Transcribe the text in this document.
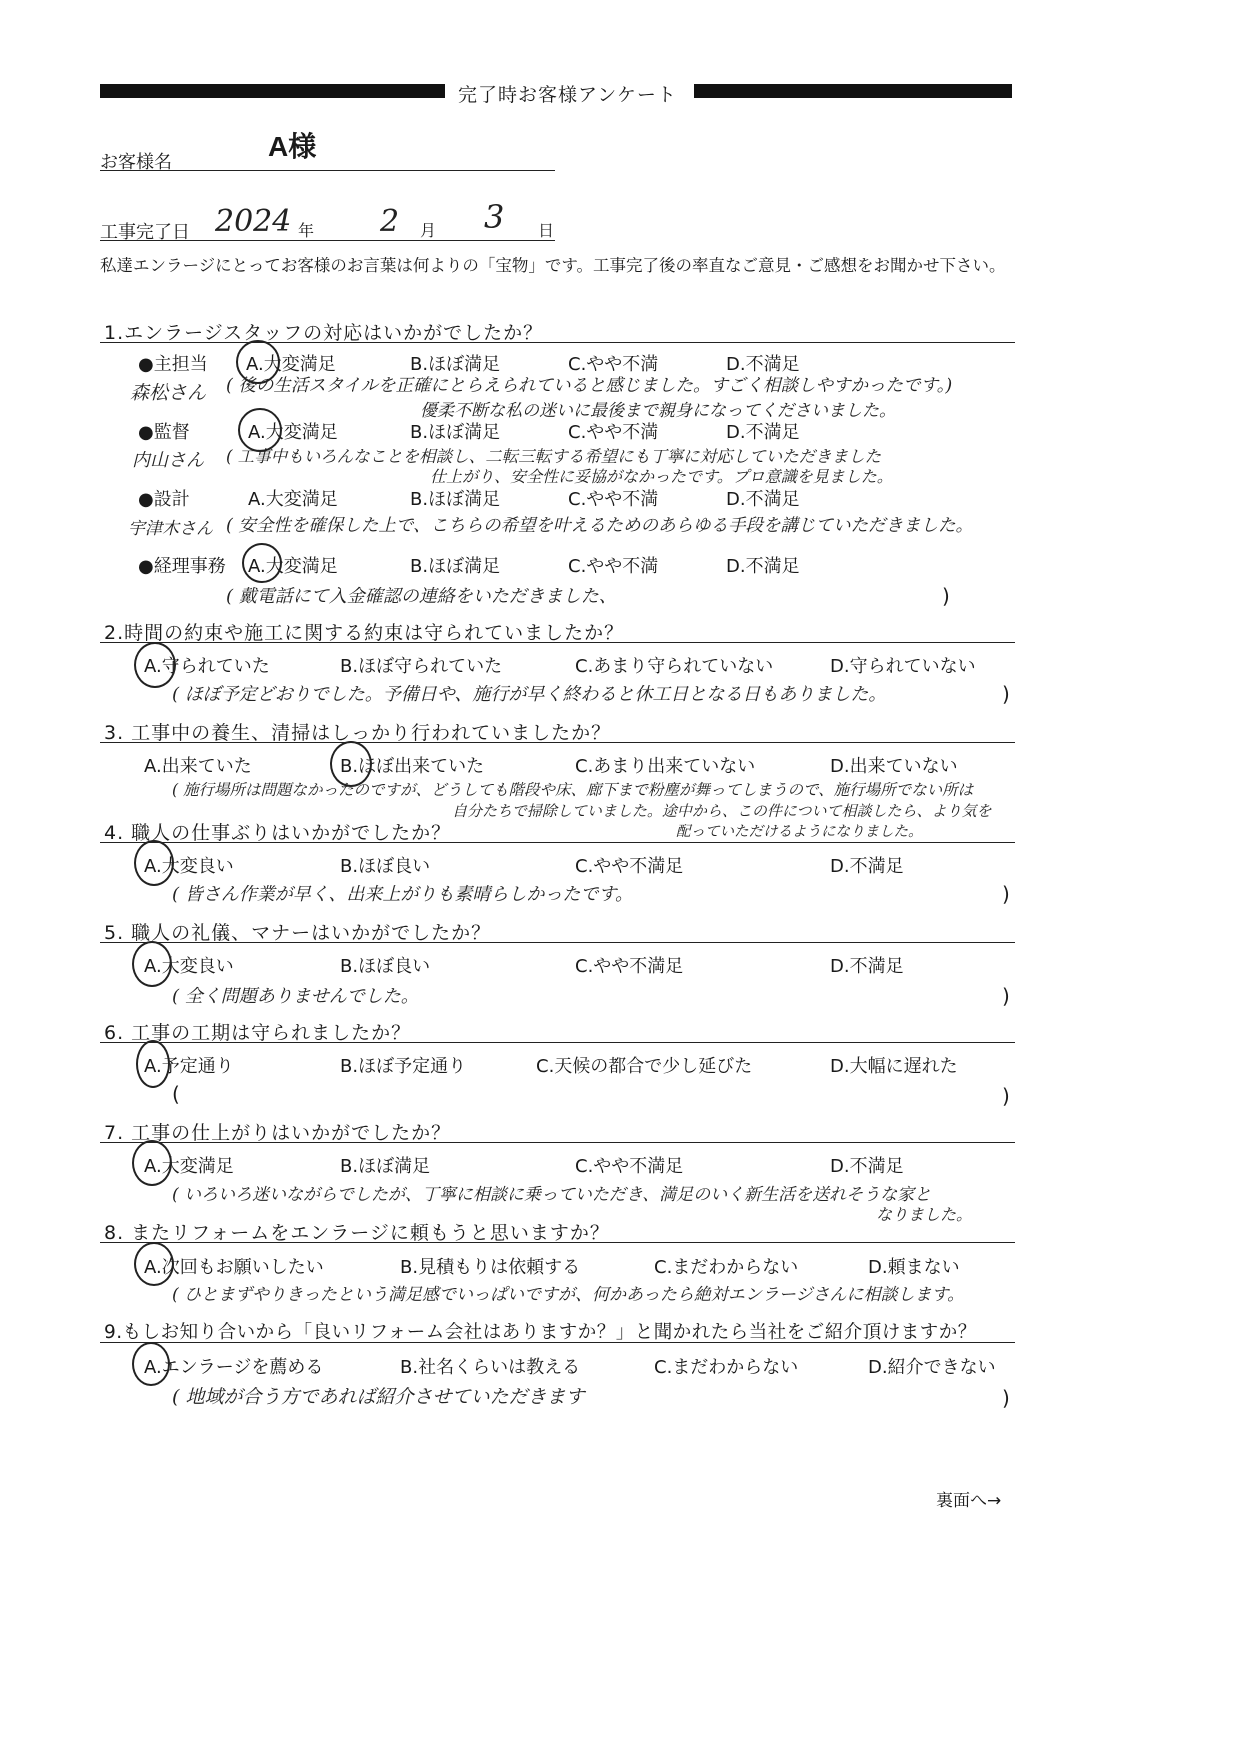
完了時お客様アンケート
お客様名
A様
工事完了日 2024 年 2 月 3 日
私達エンラージにとってお客様のお言葉は何よりの「宝物」です。工事完了後の率直なご意見・ご感想をお聞かせ下さい。
1.エンラージスタッフの対応はいかがでしたか？
●主担当 A.大変満足	B.ほぼ満足	C.やや不満	D.不満足
森松さん ( 後の生活スタイルを正確にとらえられていると感じました。すごく相談しやすかったです。)
優柔不断な私の迷いに最後まで親身になってくださいました。
●監督	A.大変満足	B.ほぼ満足	C.やや不満	D.不満足
内山さん ( 工事中もいろんなことを相談し、二転三転する希望にも丁寧に対応していただきました
仕上がり、安全性に妥協がなかったです。プロ意識を見ました。
●設計	A.大変満足	B.ほぼ満足	C.やや不満	D.不満足
宇津木さん ( 安全性を確保した上で、こちらの希望を叶えるためのあらゆる手段を講じていただきました。
●経理事務 A.大変満足	B.ほぼ満足	C.やや不満	D.不満足
( 戴電話にて入金確認の連絡をいただきました、	)
2.時間の約束や施工に関する約束は守られていましたか？
A.守られていた	B.ほぼ守られていた	C.あまり守られていない	D.守られていない
( ほぼ予定どおりでした。予備日や、施行が早く終わると休工日となる日もありました。	)
3. 工事中の養生、清掃はしっかり行われていましたか？
A.出来ていた	B.ほぼ出来ていた	C.あまり出来ていない	D.出来ていない
( 施行場所は問題なかったのですが、どうしても階段や床、廊下まで粉塵が舞ってしまうので、施行場所でない所は
自分たちで掃除していました。途中から、この件について相談したら、より気を
配っていただけるようになりました。
4. 職人の仕事ぶりはいかがでしたか？
A.大変良い	B.ほぼ良い	C.やや不満足	D.不満足
( 皆さん作業が早く、出来上がりも素晴らしかったです。	)
5. 職人の礼儀、マナーはいかがでしたか？
A.大変良い	B.ほぼ良い	C.やや不満足	D.不満足
( 全く問題ありませんでした。	)
6. 工事の工期は守られましたか？
A.予定通り	B.ほぼ予定通り	C.天候の都合で少し延びた	D.大幅に遅れた
(	)
7. 工事の仕上がりはいかがでしたか？
A.大変満足	B.ほぼ満足	C.やや不満足	D.不満足
( いろいろ迷いながらでしたが、丁寧に相談に乗っていただき、満足のいく新生活を送れそうな家と
なりました。
8. またリフォームをエンラージに頼もうと思いますか？
A.次回もお願いしたい	B.見積もりは依頼する	C.まだわからない	D.頼まない
( ひとまずやりきったという満足感でいっぱいですが、何かあったら絶対エンラージさんに相談します。
9.もしお知り合いから「良いリフォーム会社はありますか？」と聞かれたら当社をご紹介頂けますか？
A.エンラージを薦める	B.社名くらいは教える	C.まだわからない	D.紹介できない
( 地域が合う方であれば紹介させていただきます	)
裏面へ→
